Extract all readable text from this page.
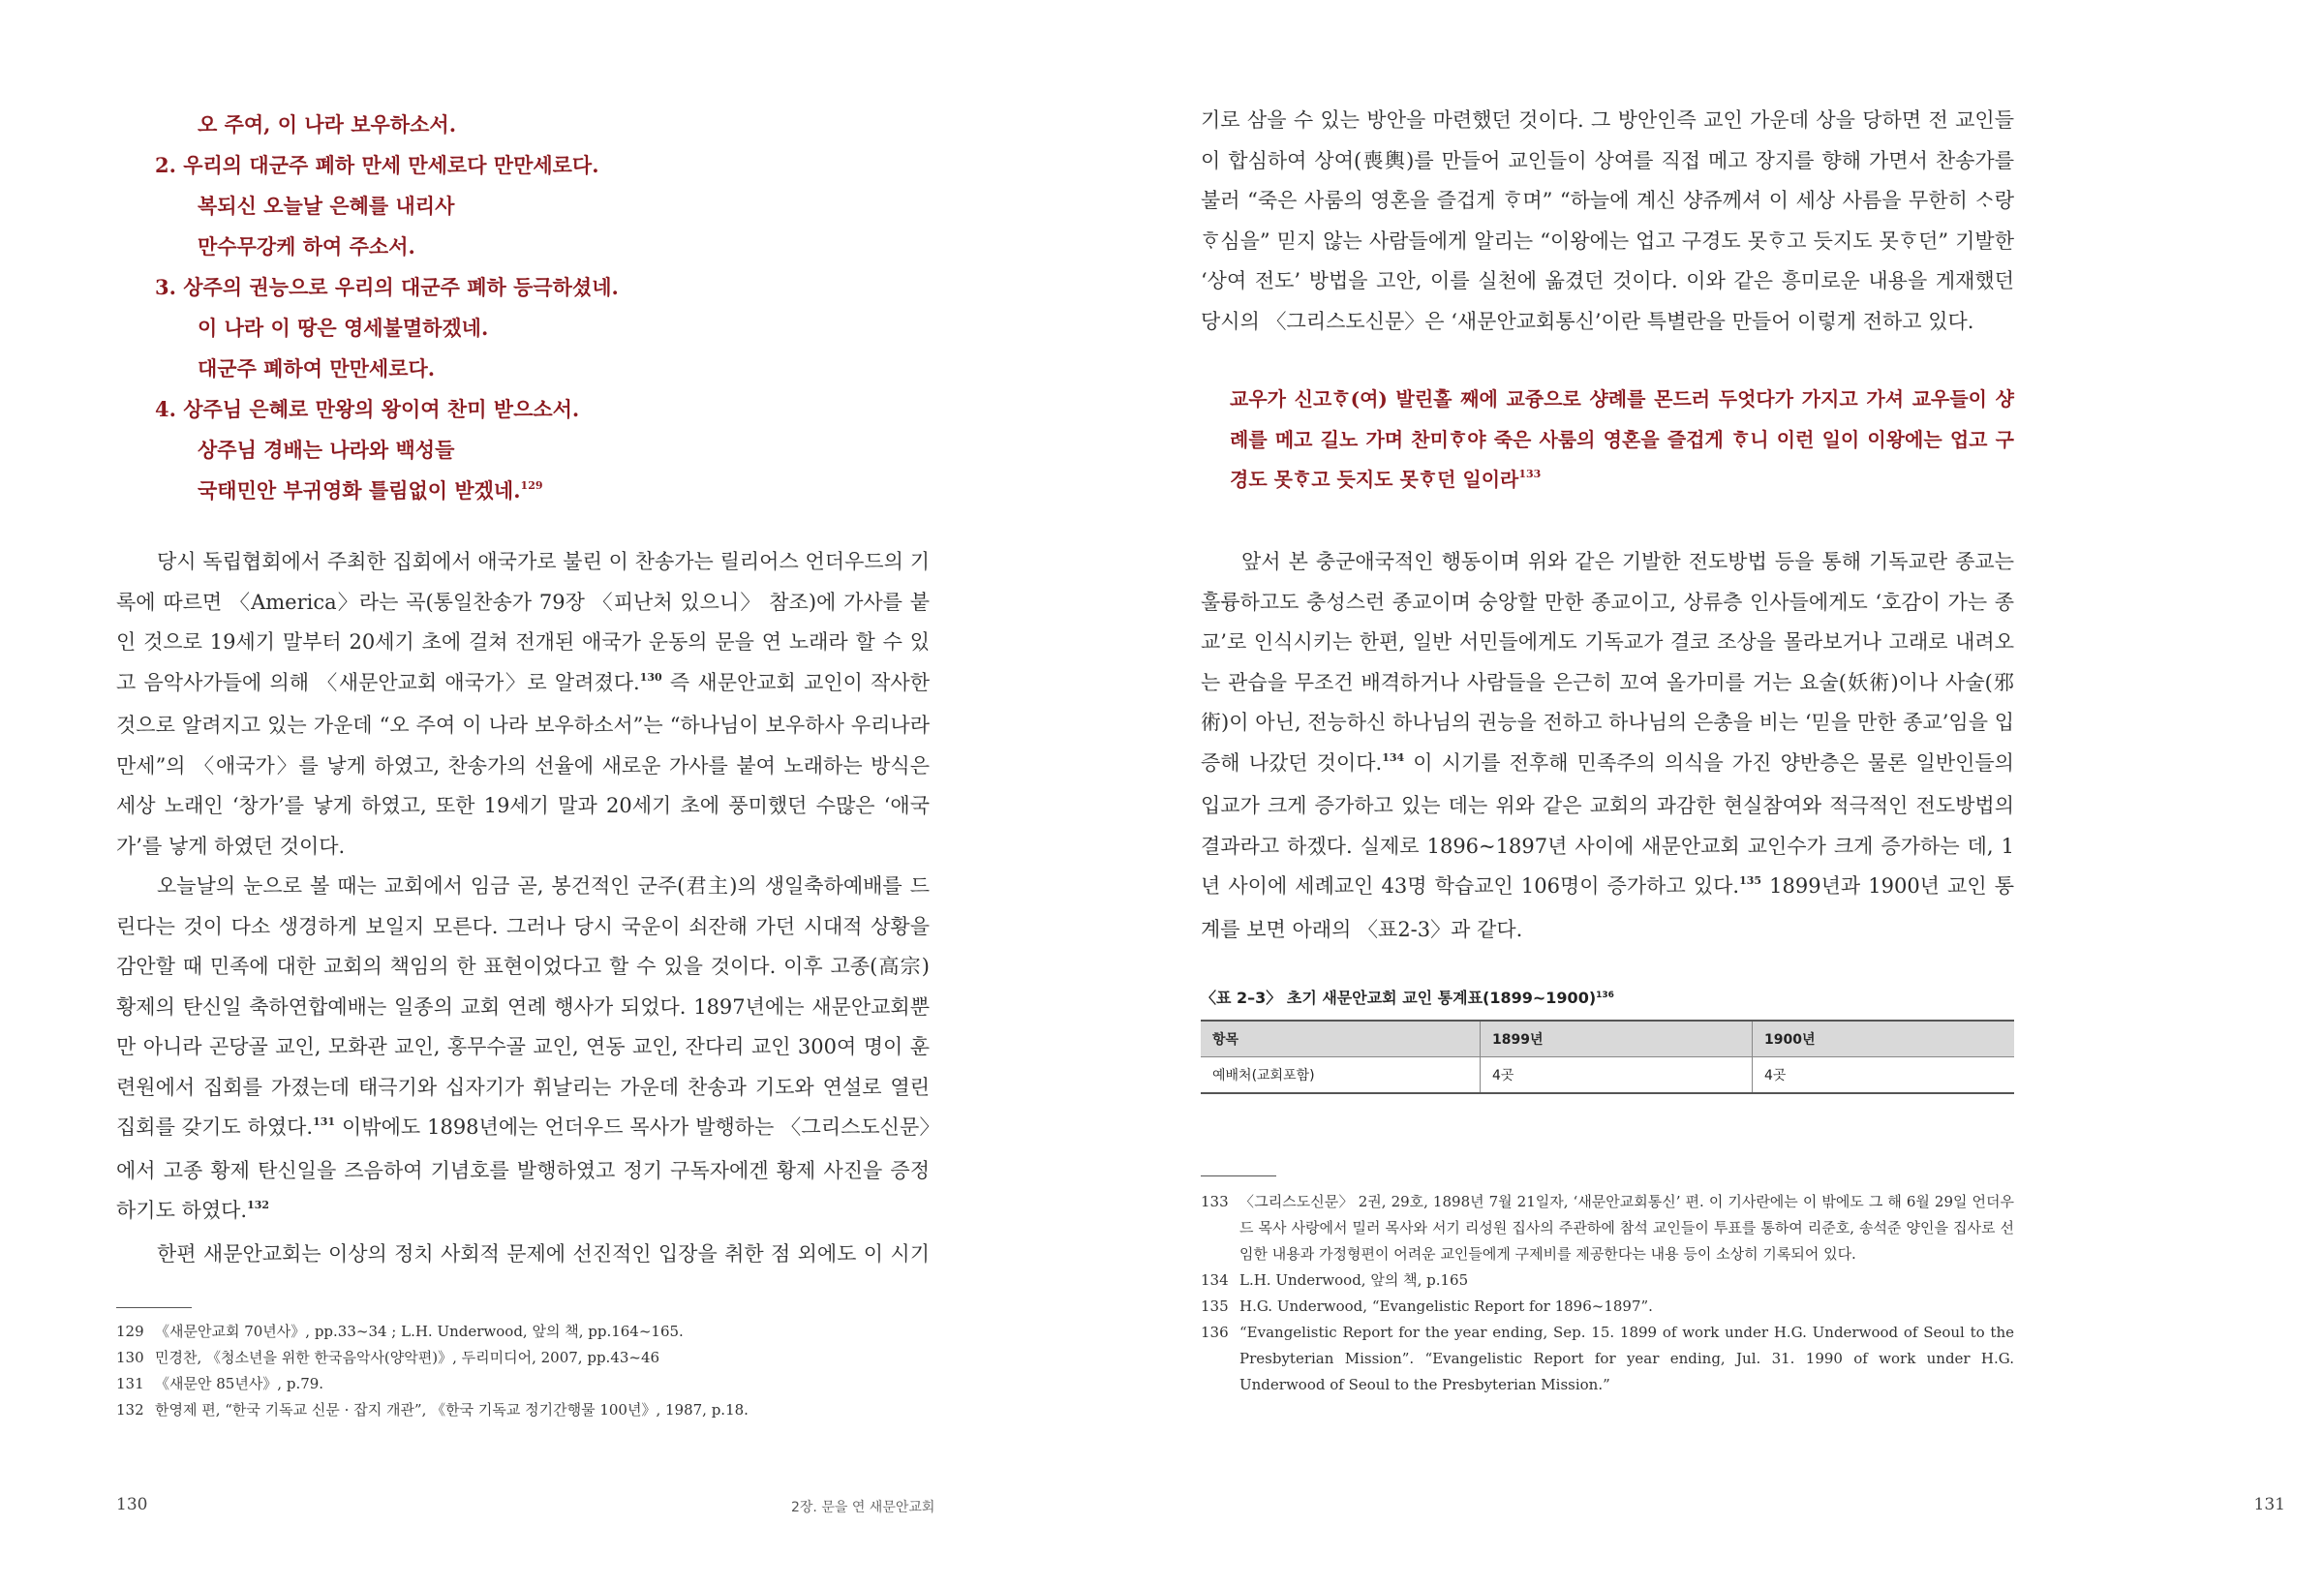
오 주여, 이 나라 보우하소서.
2. 우리의 대군주 폐하 만세 만세로다 만만세로다.
복되신 오늘날 은혜를 내리사
만수무강케 하여 주소서.
3. 상주의 권능으로 우리의 대군주 폐하 등극하셨네.
이 나라 이 땅은 영세불멸하겠네.
대군주 폐하여 만만세로다.
4. 상주님 은혜로 만왕의 왕이여 찬미 받으소서.
상주님 경배는 나라와 백성들
국태민안 부귀영화 틀림없이 받겠네.$^{129}$

당시 독립협회에서 주최한 집회에서 애국가로 불린 이 찬송가는 릴리어스 언더우드의 기록에 따르면 〈America〉라는 곡(통일찬송가 79장 〈피난처 있으니〉 참조)에 가사를 붙인 것으로 19세기 말부터 20세기 초에 걸쳐 전개된 애국가 운동의 문을 연 노래라 할 수 있고 음악사가들에 의해 〈새문안교회 애국가〉로 알려졌다.$^{130}$ 즉 새문안교회 교인이 작사한 것으로 알려지고 있는 가운데 “오 주여 이 나라 보우하소서”는 “하나님이 보우하사 우리나라 만세”의 〈애국가〉를 낳게 하였고, 찬송가의 선율에 새로운 가사를 붙여 노래하는 방식은 세상 노래인 ‘창가’를 낳게 하였고, 또한 19세기 말과 20세기 초에 풍미했던 수많은 ‘애국가’를 낳게 하였던 것이다.

오늘날의 눈으로 볼 때는 교회에서 임금 곧, 봉건적인 군주(君主)의 생일축하예배를 드린다는 것이 다소 생경하게 보일지 모른다. 그러나 당시 국운이 쇠잔해 가던 시대적 상황을 감안할 때 민족에 대한 교회의 책임의 한 표현이었다고 할 수 있을 것이다. 이후 고종(高宗) 황제의 탄신일 축하연합예배는 일종의 교회 연례 행사가 되었다. 1897년에는 새문안교회뿐만 아니라 곤당골 교인, 모화관 교인, 홍무수골 교인, 연동 교인, 잔다리 교인 300여 명이 훈련원에서 집회를 가졌는데 태극기와 십자기가 휘날리는 가운데 찬송과 기도와 연설로 열린 집회를 갖기도 하였다.$^{131}$ 이밖에도 1898년에는 언더우드 목사가 발행하는 〈그리스도신문〉에서 고종 황제 탄신일을 즈음하여 기념호를 발행하였고 정기 구독자에겐 황제 사진을 증정하기도 하였다.$^{132}$

한편 새문안교회는 이상의 정치 사회적 문제에 선진적인 입장을 취한 점 외에도 이 시기

129 《새문안교회 70년사》, pp.33~34 ; L.H. Underwood, 앞의 책, pp.164~165.
130 민경찬, 《청소년을 위한 한국음악사(양악편)》, 두리미디어, 2007, pp.43~46
131 《새문안 85년사》, p.79.
132 한영제 편, “한국 기독교 신문 · 잡지 개관”, 《한국 기독교 정기간행물 100년》, 1987, p.18.
130	2장. 문을 연 새문안교회

기로 삼을 수 있는 방안을 마련했던 것이다. 그 방안인즉 교인 가운데 상을 당하면 전 교인들이 합심하여 상여(喪輿)를 만들어 교인들이 상여를 직접 메고 장지를 향해 가면서 찬송가를 불러 “죽은 사룸의 영혼을 즐겁게 ᄒᆞ며” “하늘에 계신 샹쥬께셔 이 세상 사름을 무한히 ᄉᆞ랑ᄒᆞ심을” 믿지 않는 사람들에게 알리는 “이왕에는 업고 구경도 못ᄒᆞ고 듯지도 못ᄒᆞ던” 기발한 ‘상여 전도’ 방법을 고안, 이를 실천에 옮겼던 것이다. 이와 같은 흥미로운 내용을 게재했던 당시의 〈그리스도신문〉은 ‘새문안교회통신’이란 특별란을 만들어 이렇게 전하고 있다.

교우가 신고ᄒᆞ(여) 발린홀 째에 교즁으로 샹례를 몬드러 두엇다가 가지고 가셔 교우들이 샹례를 메고 길노 가며 찬미ᄒᆞ야 죽은 사룸의 영혼을 즐겁게 ᄒᆞ니 이런 일이 이왕에는 업고 구경도 못ᄒᆞ고 듯지도 못ᄒᆞ던 일이라$^{133}$

앞서 본 충군애국적인 행동이며 위와 같은 기발한 전도방법 등을 통해 기독교란 종교는 훌륭하고도 충성스런 종교이며 숭앙할 만한 종교이고, 상류층 인사들에게도 ‘호감이 가는 종교’로 인식시키는 한편, 일반 서민들에게도 기독교가 결코 조상을 몰라보거나 고래로 내려오는 관습을 무조건 배격하거나 사람들을 은근히 꼬여 올가미를 거는 요술(妖術)이나 사술(邪術)이 아닌, 전능하신 하나님의 권능을 전하고 하나님의 은총을 비는 ‘믿을 만한 종교’임을 입증해 나갔던 것이다.$^{134}$ 이 시기를 전후해 민족주의 의식을 가진 양반층은 물론 일반인들의 입교가 크게 증가하고 있는 데는 위와 같은 교회의 과감한 현실참여와 적극적인 전도방법의 결과라고 하겠다. 실제로 1896~1897년 사이에 새문안교회 교인수가 크게 증가하는 데, 1년 사이에 세례교인 43명 학습교인 106명이 증가하고 있다.$^{135}$ 1899년과 1900년 교인 통계를 보면 아래의 〈표2-3〉과 같다.

〈표 2–3〉 초기 새문안교회 교인 통계표(1899~1900)$^{136}$
항목	1899년	1900년
예배처(교회포함)	4곳	4곳
133 〈그리스도신문〉 2권, 29호, 1898년 7월 21일자, ‘새문안교회통신’ 편. 이 기사란에는 이 밖에도 그 해 6월 29일 언더우드 목사 사랑에서 밀러 목사와 서기 리성원 집사의 주관하에 참석 교인들이 투표를 통하여 리준호, 송석준 양인을 집사로 선임한 내용과 가정형편이 어려운 교인들에게 구제비를 제공한다는 내용 등이 소상히 기록되어 있다.
134 L.H. Underwood, 앞의 책, p.165
135 H.G. Underwood, “Evangelistic Report for 1896~1897”.
136 “Evangelistic Report for the year ending, Sep. 15. 1899 of work under H.G. Underwood of Seoul to the Presbyterian Mission”. “Evangelistic Report for year ending, Jul. 31. 1990 of work under H.G. Underwood of Seoul to the Presbyterian Mission.”
131
